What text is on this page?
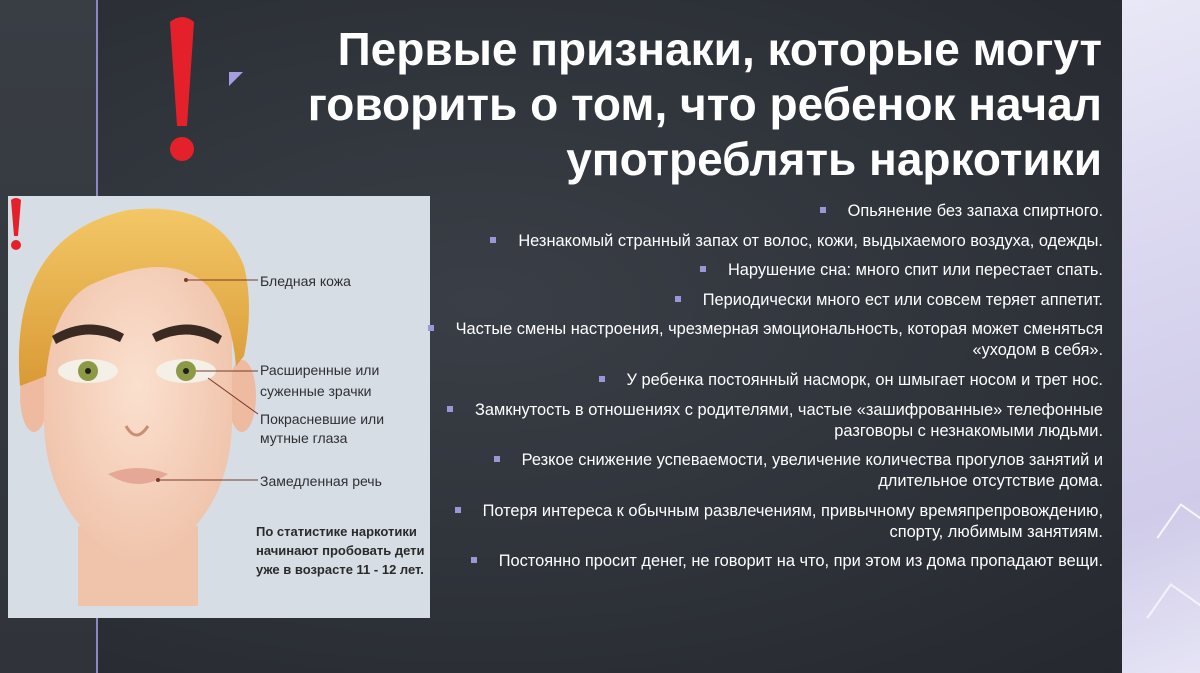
Первые признаки, которые могут говорить о том, что ребенок начал употреблять наркотики
Бледная кожа
Расширенные или
суженные зрачки
Покрасневшие или
мутные глаза
Замедленная речь
По статистике наркотики
начинают пробовать дети
уже в возрасте 11 - 12 лет.
Опьянение без запаха спиртного.
Незнакомый странный запах от волос, кожи, выдыхаемого воздуха, одежды.
Нарушение сна: много спит или перестает спать.
Периодически много ест или совсем теряет аппетит.
Частые смены настроения, чрезмерная эмоциональность, которая может сменяться «уходом в себя».
У ребенка постоянный насморк, он шмыгает носом и трет нос.
Замкнутость в отношениях с родителями, частые «зашифрованные» телефонные разговоры с незнакомыми людьми.
Резкое снижение успеваемости, увеличение количества прогулов занятий и длительное отсутствие дома.
Потеря интереса к обычным развлечениям, привычному времяпрепровождению, спорту, любимым занятиям.
Постоянно просит денег, не говорит на что, при этом из дома пропадают вещи.
